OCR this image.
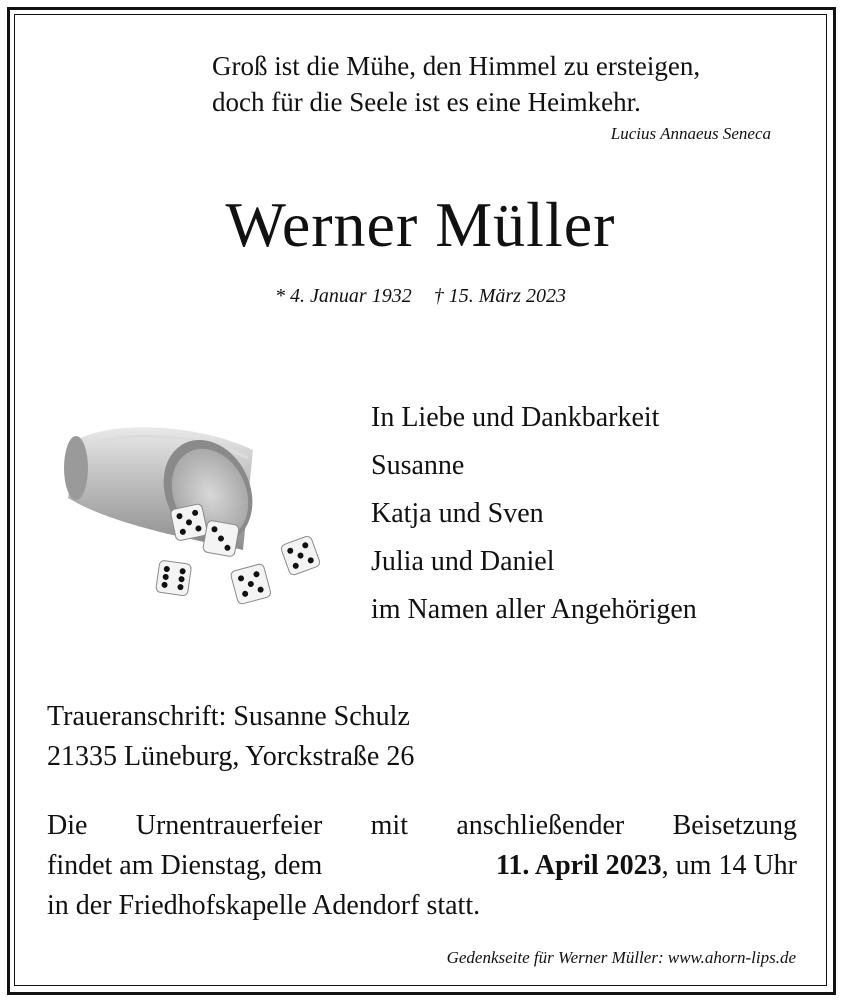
Groß ist die Mühe, den Himmel zu ersteigen,
doch für die Seele ist es eine Heimkehr.
Lucius Annaeus Seneca
Werner Müller
* 4. Januar 1932 † 15. März 2023
In Liebe und Dankbarkeit
Susanne
Katja und Sven
Julia und Daniel
im Namen aller Angehörigen
Traueranschrift: Susanne Schulz
21335 Lüneburg, Yorckstraße 26
Die Urnentrauerfeier mit anschließender Beisetzung
findet am Dienstag, dem	11. April 2023, um 14 Uhr
in der Friedhofskapelle Adendorf statt.
Gedenkseite für Werner Müller: www.ahorn-lips.de
